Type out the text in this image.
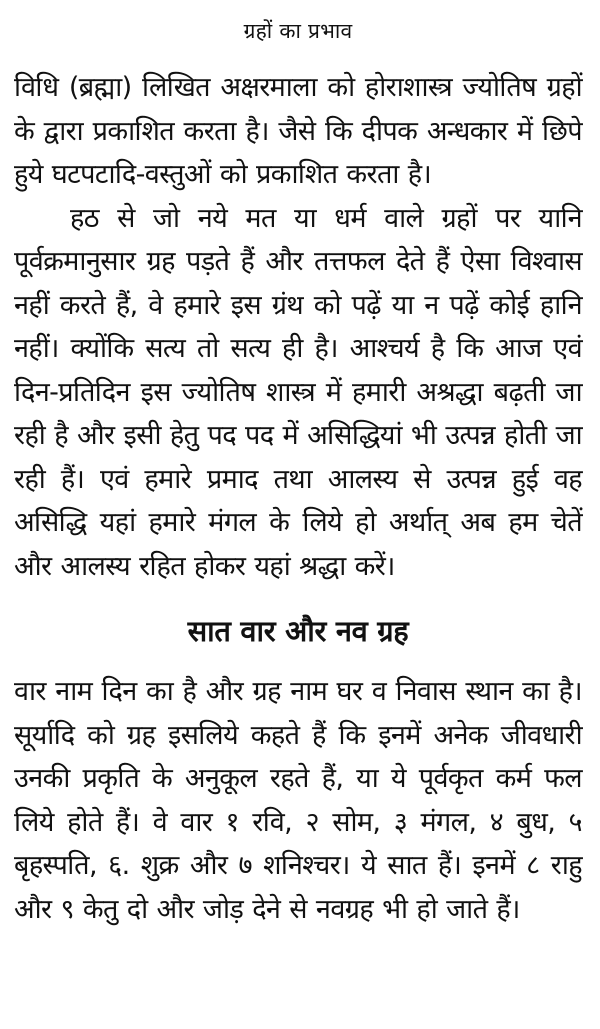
ग्रहों का प्रभाव

विधि (ब्रह्मा) लिखित अक्षरमाला को होराशास्त्र ज्योतिष ग्रहों के द्वारा प्रकाशित करता है। जैसे कि दीपक अन्धकार में छिपे हुये घटपटादि-वस्तुओं को प्रकाशित करता है।

हठ से जो नये मत या धर्म वाले ग्रहों पर यानि पूर्वक्रमानुसार ग्रह पड़ते हैं और तत्तफल देते हैं ऐसा विश्वास नहीं करते हैं, वे हमारे इस ग्रंथ को पढ़ें या न पढ़ें कोई हानि नहीं। क्योंकि सत्य तो सत्य ही है। आश्चर्य है कि आज एवं दिन-प्रतिदिन इस ज्योतिष शास्त्र में हमारी अश्रद्धा बढ़ती जा रही है और इसी हेतु पद पद में असिद्धियां भी उत्पन्न होती जा रही हैं। एवं हमारे प्रमाद तथा आलस्य से उत्पन्न हुई वह असिद्धि यहां हमारे मंगल के लिये हो अर्थात् अब हम चेतें और आलस्य रहित होकर यहां श्रद्धा करें।

सात वार और नव ग्रह

वार नाम दिन का है और ग्रह नाम घर व निवास स्थान का है। सूर्यादि को ग्रह इसलिये कहते हैं कि इनमें अनेक जीवधारी उनकी प्रकृति के अनुकूल रहते हैं, या ये पूर्वकृत कर्म फल लिये होते हैं। वे वार १ रवि, २ सोम, ३ मंगल, ४ बुध, ५ बृहस्पति, ६. शुक्र और ७ शनिश्चर। ये सात हैं। इनमें ८ राहु और ९ केतु दो और जोड़ देने से नवग्रह भी हो जाते हैं।
